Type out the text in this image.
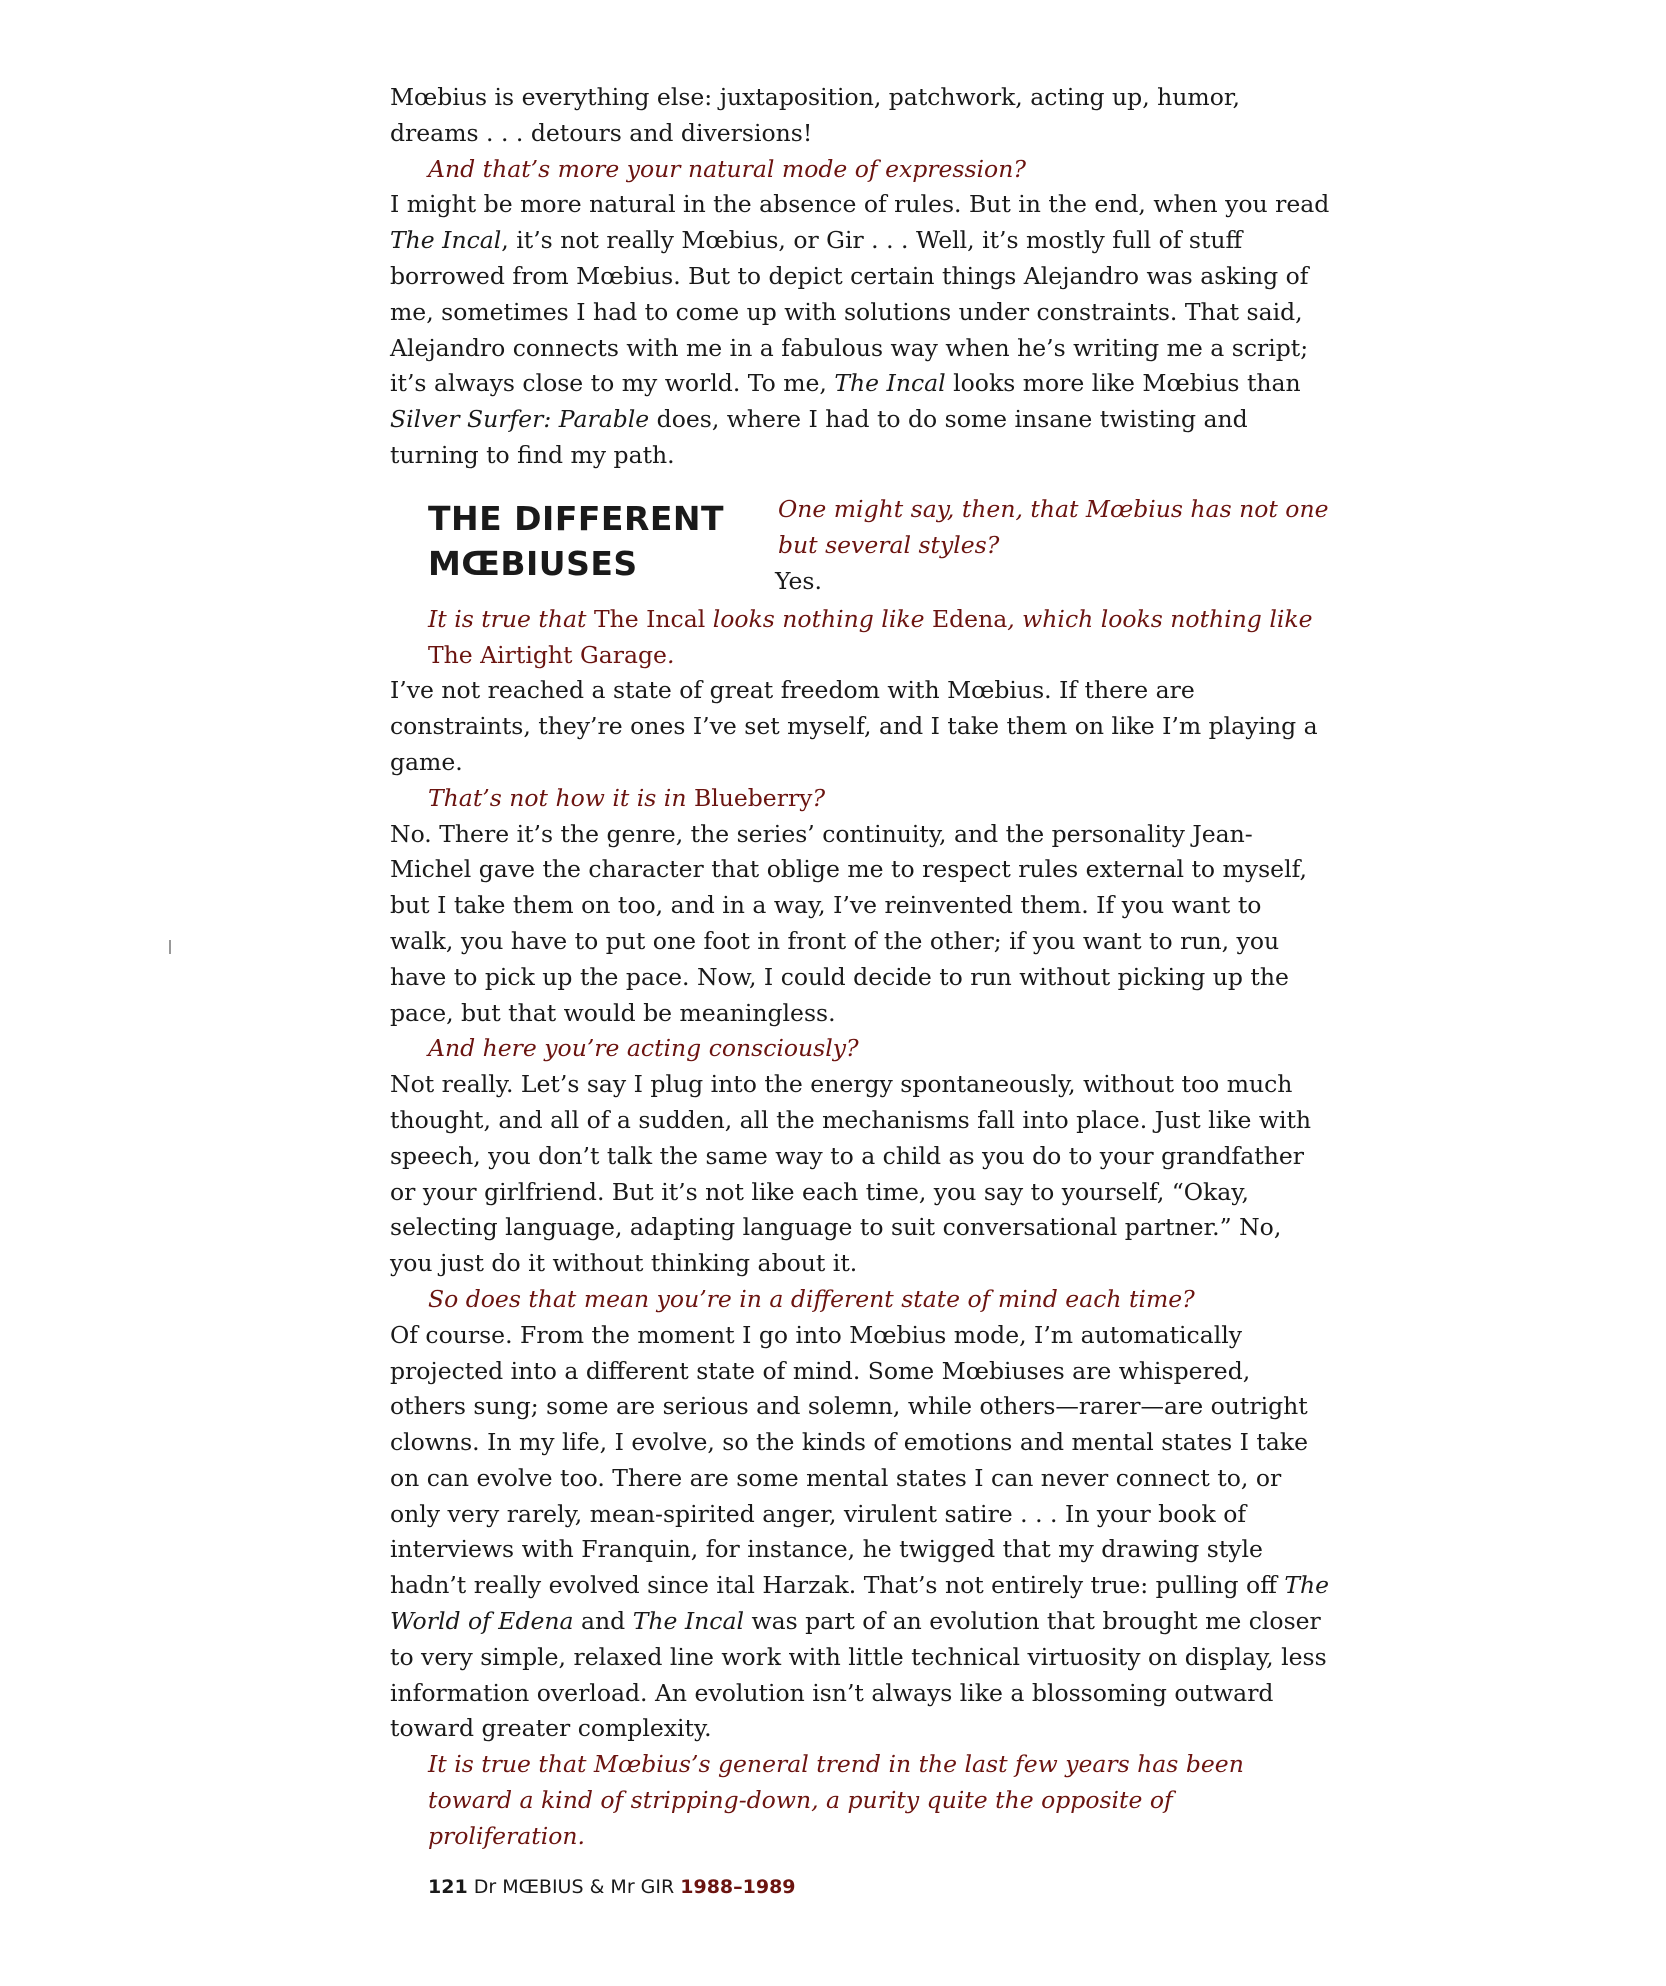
Mœbius is everything else: juxtaposition, patchwork, acting up, humor, dreams . . . detours and diversions!

And that’s more your natural mode of expression?

I might be more natural in the absence of rules. But in the end, when you read The Incal, it’s not really Mœbius, or Gir . . . Well, it’s mostly full of stuff borrowed from Mœbius. But to depict certain things Alejandro was asking of me, sometimes I had to come up with solutions under constraints. That said, Alejandro connects with me in a fabulous way when he’s writing me a script; it’s always close to my world. To me, The Incal looks more like Mœbius than Silver Surfer: Parable does, where I had to do some insane twisting and turning to find my path.

THE DIFFERENT
MŒBIUSES
One might say, then, that Mœbius has not one but several styles?
Yes.

It is true that The Incal looks nothing like Edena, which looks nothing like The Airtight Garage.

I’ve not reached a state of great freedom with Mœbius. If there are constraints, they’re ones I’ve set myself, and I take them on like I’m playing a game.

That’s not how it is in Blueberry?

No. There it’s the genre, the series’ continuity, and the personality Jean-Michel gave the character that oblige me to respect rules external to myself, but I take them on too, and in a way, I’ve reinvented them. If you want to walk, you have to put one foot in front of the other; if you want to run, you have to pick up the pace. Now, I could decide to run without picking up the pace, but that would be meaningless.

And here you’re acting consciously?

Not really. Let’s say I plug into the energy spontaneously, without too much thought, and all of a sudden, all the mechanisms fall into place. Just like with speech, you don’t talk the same way to a child as you do to your grandfather or your girlfriend. But it’s not like each time, you say to yourself, “Okay, selecting language, adapting language to suit conversational partner.” No, you just do it without thinking about it.

So does that mean you’re in a different state of mind each time?

Of course. From the moment I go into Mœbius mode, I’m automatically projected into a different state of mind. Some Mœbiuses are whispered, others sung; some are serious and solemn, while others—rarer—are outright clowns. In my life, I evolve, so the kinds of emotions and mental states I take on can evolve too. There are some mental states I can never connect to, or only very rarely, mean-spirited anger, virulent satire . . . In your book of interviews with Franquin, for instance, he twigged that my drawing style hadn’t really evolved since ital Harzak. That’s not entirely true: pulling off The World of Edena and The Incal was part of an evolution that brought me closer to very simple, relaxed line work with little technical virtuosity on display, less information overload. An evolution isn’t always like a blossoming outward toward greater complexity.

It is true that Mœbius’s general trend in the last few years has been toward a kind of stripping-down, a purity quite the opposite of proliferation.

121 Dr MŒBIUS & Mr GIR 1988–1989
